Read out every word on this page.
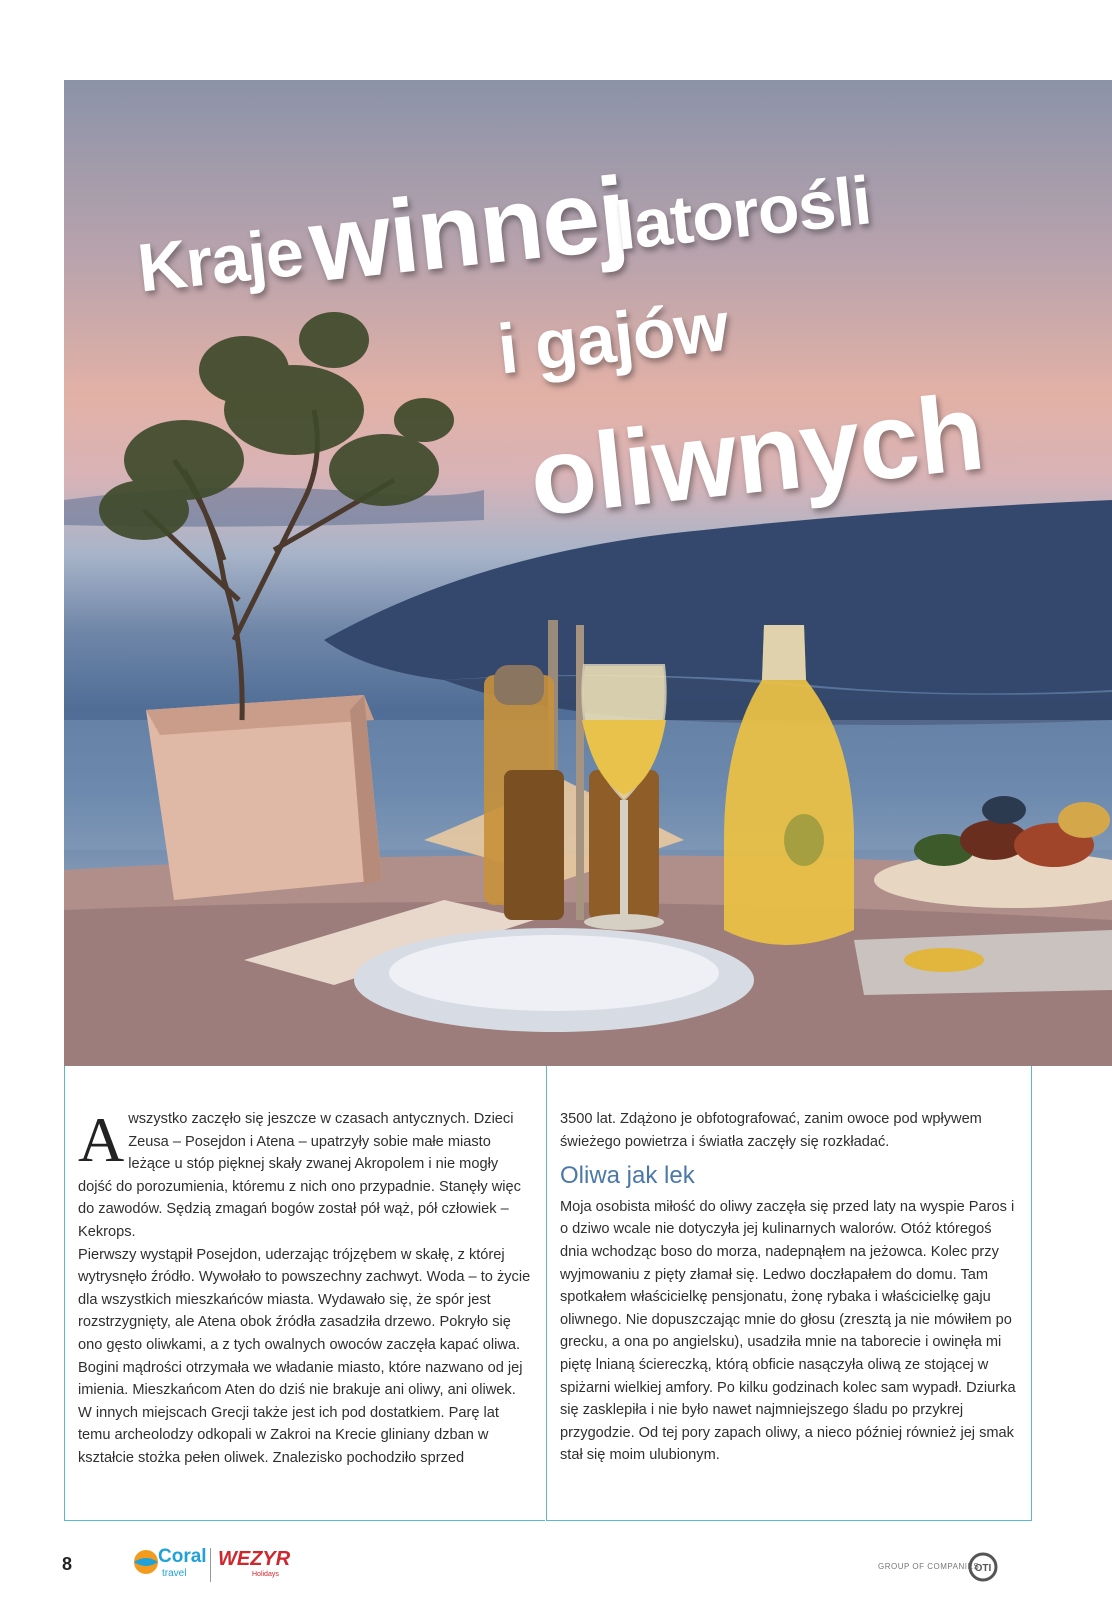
Kraje
winnej
latorośli
i gajów
oliwnych

Awszystko zaczęło się jeszcze w czasach antycznych. Dzieci Zeusa – Posejdon i Atena – upatrzyły sobie małe miasto leżące u stóp pięknej skały zwanej Akropolem i nie mogły dojść do porozumienia, któremu z nich ono przypadnie. Stanęły więc do zawodów. Sędzią zmagań bogów został pół wąż, pół człowiek – Kekrops.

Pierwszy wystąpił Posejdon, uderzając trójzębem w skałę, z której wytrysnęło źródło. Wywołało to powszechny zachwyt. Woda – to życie dla wszystkich mieszkańców miasta. Wydawało się, że spór jest rozstrzygnięty, ale Atena obok źródła zasadziła drzewo. Pokryło się ono gęsto oliwkami, a z tych owalnych owoców zaczęła kapać oliwa. Bogini mądrości otrzymała we władanie miasto, które nazwano od jej imienia. Mieszkańcom Aten do dziś nie brakuje ani oliwy, ani oliwek.

W innych miejscach Grecji także jest ich pod dostatkiem. Parę lat temu archeolodzy odkopali w Zakroi na Krecie gliniany dzban w kształcie stożka pełen oliwek. Znalezisko pochodziło sprzed

3500 lat. Zdążono je obfotografować, zanim owoce pod wpływem świeżego powietrza i światła zaczęły się rozkładać.

Oliwa jak lek

Moja osobista miłość do oliwy zaczęła się przed laty na wyspie Paros i o dziwo wcale nie dotyczyła jej kulinarnych walorów. Otóż któregoś dnia wchodząc boso do morza, nadepnąłem na jeżowca. Kolec przy wyjmowaniu z pięty złamał się. Ledwo doczłapałem do domu. Tam spotkałem właścicielkę pensjonatu, żonę rybaka i właścicielkę gaju oliwnego. Nie dopuszczając mnie do głosu (zresztą ja nie mówiłem po grecku, a ona po angielsku), usadziła mnie na taborecie i owinęła mi piętę lnianą ściereczką, którą obficie nasączyła oliwą ze stojącej w spiżarni wielkiej amfory. Po kilku godzinach kolec sam wypadł. Dziurka się zasklepiła i nie było nawet najmniejszego śladu po przykrej przygodzie. Od tej pory zapach oliwy, a nieco później również jej smak stał się moim ulubionym.

8	Coral
travel
WEZYR
Holidays
GROUP OF COMPANIES
OTI
